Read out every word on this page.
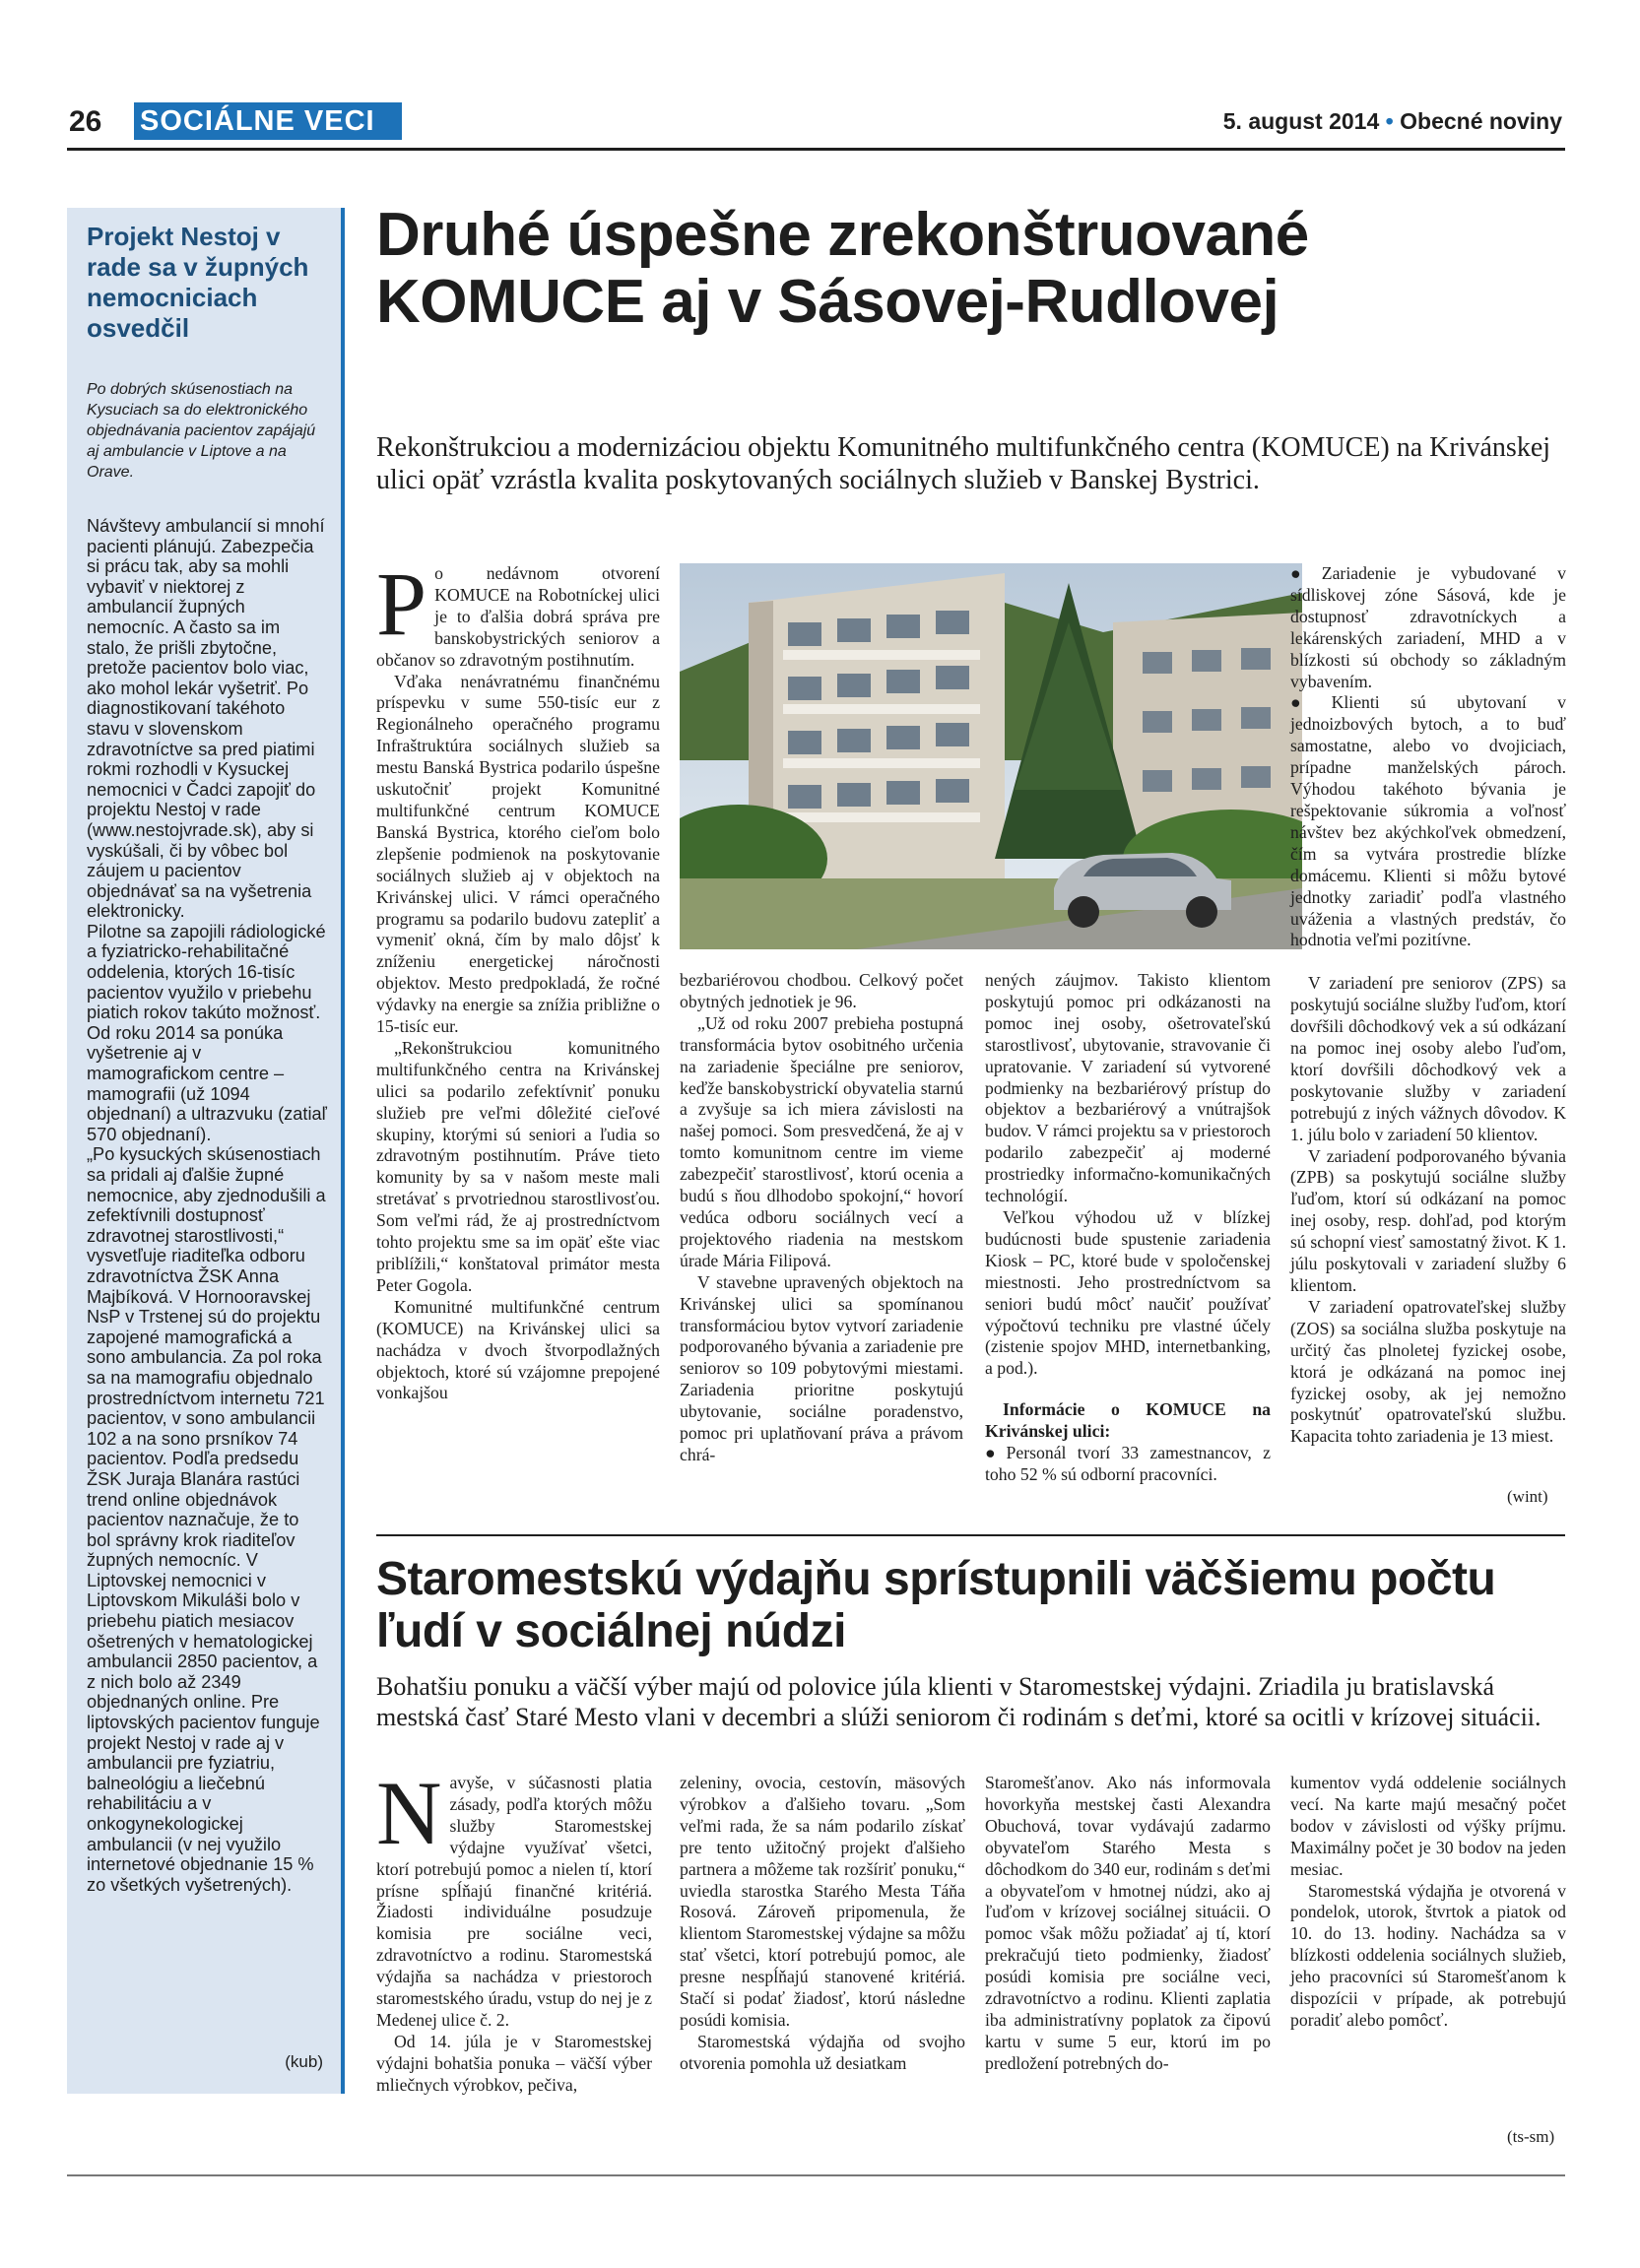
26 SOCIÁLNE VECI	5. august 2014 • Obecné noviny
Projekt Nestoj v rade sa v župných nemocniciach osvedčil

Po dobrých skúsenostiach na Kysuciach sa do elektronického objednávania pacientov zapájajú aj ambulancie v Liptove a na Orave.

Návštevy ambulancií si mnohí pacienti plánujú. Zabezpečia si prácu tak, aby sa mohli vybaviť v niektorej z ambulancií župných nemocníc. A často sa im stalo, že prišli zbytočne, pretože pacientov bolo viac, ako mohol lekár vyšetriť. Po diagnostikovaní takéhoto stavu v slovenskom zdravotníctve sa pred piatimi rokmi rozhodli v Kysuckej nemocnici v Čadci zapojiť do projektu Nestoj v rade (www.nestojvrade.sk), aby si vyskúšali, či by vôbec bol záujem u pacientov objednávať sa na vyšetrenia elektronicky.

Pilotne sa zapojili rádiologické a fyziatricko-rehabilitačné oddelenia, ktorých 16-tisíc pacientov využilo v priebehu piatich rokov takúto možnosť. Od roku 2014 sa ponúka vyšetrenie aj v mamografickom centre –mamografii (už 1094 objednaní) a ultrazvuku (zatiaľ 570 objednaní).

„Po kysuckých skúsenostiach sa pridali aj ďalšie župné nemocnice, aby zjednodušili a zefektívnili dostupnosť zdravotnej starostlivosti,“ vysvetľuje riaditeľka odboru zdravotníctva ŽSK Anna Majbíková. V Hornooravskej NsP v Trstenej sú do projektu zapojené mamografická a sono ambulancia. Za pol roka sa na mamografiu objednalo prostredníctvom internetu 721 pacientov, v sono ambulancii 102 a na sono prsníkov 74 pacientov. Podľa predsedu ŽSK Juraja Blanára rastúci trend online objednávok pacientov naznačuje, že to bol správny krok riaditeľov župných nemocníc. V Liptovskej nemocnici v Liptovskom Mikuláši bolo v priebehu piatich mesiacov ošetrených v hematologickej ambulancii 2850 pacientov, a z nich bolo až 2349 objednaných online. Pre liptovských pacientov funguje projekt Nestoj v rade aj v ambulancii pre fyziatriu, balneológiu a liečebnú rehabilitáciu a v onkogynekologickej ambulancii (v nej využilo internetové objednanie 15 % zo všetkých vyšetrených).

(kub)
Druhé úspešne zrekonštruované KOMUCE aj v Sásovej-Rudlovej

Rekonštrukciou a modernizáciou objektu Komunitného multifunkčného centra (KOMUCE) na Krivánskej ulici opäť vzrástla kvalita poskytovaných sociálnych služieb v Banskej Bystrici.

Po nedávnom otvorení KOMUCE na Robotníckej ulici je to ďalšia dobrá správa pre banskobystrických seniorov a občanov so zdravotným postihnutím.

Vďaka nenávratnému finančnému príspevku v sume 550-tisíc eur z Regionálneho operačného programu Infraštruktúra sociálnych služieb sa mestu Banská Bystrica podarilo úspešne uskutočniť projekt Komunitné multifunkčné centrum KOMUCE Banská Bystrica, ktorého cieľom bolo zlepšenie podmienok na poskytovanie sociálnych služieb aj v objektoch na Krivánskej ulici. V rámci operačného programu sa podarilo budovu zatepliť a vymeniť okná, čím by malo dôjsť k zníženiu energetickej náročnosti objektov. Mesto predpokladá, že ročné výdavky na energie sa znížia približne o 15-tisíc eur.

„Rekonštrukciou komunitného multifunkčného centra na Krivánskej ulici sa podarilo zefektívniť ponuku služieb pre veľmi dôležité cieľové skupiny, ktorými sú seniori a ľudia so zdravotným postihnutím. Práve tieto komunity by sa v našom meste mali stretávať s prvotriednou starostlivosťou. Som veľmi rád, že aj prostredníctvom tohto projektu sme sa im opäť ešte viac priblížili,“ konštatoval primátor mesta Peter Gogola.

Komunitné multifunkčné centrum (KOMUCE) na Krivánskej ulici sa nachádza v dvoch štvorpodlažných objektoch, ktoré sú vzájomne prepojené vonkajšou

bezbariérovou chodbou. Celkový počet obytných jednotiek je 96.

„Už od roku 2007 prebieha postupná transformácia bytov osobitného určenia na zariadenie špeciálne pre seniorov, keďže banskobystrickí obyvatelia starnú a zvyšuje sa ich miera závislosti na našej pomoci. Som presvedčená, že aj v tomto komunitnom centre im vieme zabezpečiť starostlivosť, ktorú ocenia a budú s ňou dlhodobo spokojní,“ hovorí vedúca odboru sociálnych vecí a projektového riadenia na mestskom úrade Mária Filipová.

V stavebne upravených objektoch na Krivánskej ulici sa spomínanou transformáciou bytov vytvorí zariadenie podporovaného bývania a zariadenie pre seniorov so 109 pobytovými miestami. Zariadenia prioritne poskytujú ubytovanie, sociálne poradenstvo, pomoc pri uplatňovaní práva a právom chrá-

nených záujmov. Takisto klientom poskytujú pomoc pri odkázanosti na pomoc inej osoby, ošetrovateľskú starostlivosť, ubytovanie, stravovanie či upratovanie. V zariadení sú vytvorené podmienky na bezbariérový prístup do objektov a bezbariérový a vnútrajšok budov. V rámci projektu sa v priestoroch podarilo zabezpečiť aj moderné prostriedky informačno-komunikačných technológií.

Veľkou výhodou už v blízkej budúcnosti bude spustenie zariadenia Kiosk – PC, ktoré bude v spoločenskej miestnosti. Jeho prostredníctvom sa seniori budú môcť naučiť používať výpočtovú techniku pre vlastné účely (zistenie spojov MHD, internetbanking, a pod.).

Informácie o KOMUCE na Krivánskej ulici:

● Personál tvorí 33 zamestnancov, z toho 52 % sú odborní pracovníci.

● Zariadenie je vybudované v sídliskovej zóne Sásová, kde je dostupnosť zdravotníckych a lekárenských zariadení, MHD a v blízkosti sú obchody so základným vybavením.

● Klienti sú ubytovaní v jednoizbových bytoch, a to buď samostatne, alebo vo dvojiciach, prípadne manželských pároch. Výhodou takéhoto bývania je rešpektovanie súkromia a voľnosť návštev bez akýchkoľvek obmedzení, čím sa vytvára prostredie blízke domácemu. Klienti si môžu bytové jednotky zariadiť podľa vlastného uváženia a vlastných predstáv, čo hodnotia veľmi pozitívne.

V zariadení pre seniorov (ZPS) sa poskytujú sociálne služby ľuďom, ktorí dovŕšili dôchodkový vek a sú odkázaní na pomoc inej osoby alebo ľuďom, ktorí dovŕšili dôchodkový vek a poskytovanie služby v zariadení potrebujú z iných vážnych dôvodov. K 1. júlu bolo v zariadení 50 klientov.

V zariadení podporovaného bývania (ZPB) sa poskytujú sociálne služby ľuďom, ktorí sú odkázaní na pomoc inej osoby, resp. dohľad, pod ktorým sú schopní viesť samostatný život. K 1. júlu poskytovali v zariadení služby 6 klientom.

V zariadení opatrovateľskej služby (ZOS) sa sociálna služba poskytuje na určitý čas plnoletej fyzickej osobe, ktorá je odkázaná na pomoc inej fyzickej osoby, ak jej nemožno poskytnúť opatrovateľskú službu. Kapacita tohto zariadenia je 13 miest.

(wint)
Staromestskú výdajňu sprístupnili väčšiemu počtu ľudí v sociálnej núdzi

Bohatšiu ponuku a väčší výber majú od polovice júla klienti v Staromestskej výdajni. Zriadila ju bratislavská mestská časť Staré Mesto vlani v decembri a slúži seniorom či rodinám s deťmi, ktoré sa ocitli v krízovej situácii.

Navyše, v súčasnosti platia zásady, podľa ktorých môžu služby Staromestskej výdajne využívať všetci, ktorí potrebujú pomoc a nielen tí, ktorí prísne spĺňajú finančné kritériá. Žiadosti individuálne posudzuje komisia pre sociálne veci, zdravotníctvo a rodinu. Staromestská výdajňa sa nachádza v priestoroch staromestského úradu, vstup do nej je z Medenej ulice č. 2.

Od 14. júla je v Staromestskej výdajni bohatšia ponuka – väčší výber mliečnych výrobkov, pečiva,

zeleniny, ovocia, cestovín, mäsových výrobkov a ďalšieho tovaru. „Som veľmi rada, že sa nám podarilo získať pre tento užitočný projekt ďalšieho partnera a môžeme tak rozšíriť ponuku,“ uviedla starostka Starého Mesta Táňa Rosová. Zároveň pripomenula, že klientom Staromestskej výdajne sa môžu stať všetci, ktorí potrebujú pomoc, ale presne nespĺňajú stanovené kritériá. Stačí si podať žiadosť, ktorú následne posúdi komisia.

Staromestská výdajňa od svojho otvorenia pomohla už desiatkam

Staromešťanov. Ako nás informovala hovorkyňa mestskej časti Alexandra Obuchová, tovar vydávajú zadarmo obyvateľom Starého Mesta s dôchodkom do 340 eur, rodinám s deťmi a obyvateľom v hmotnej núdzi, ako aj ľuďom v krízovej sociálnej situácii. O pomoc však môžu požiadať aj tí, ktorí prekračujú tieto podmienky, žiadosť posúdi komisia pre sociálne veci, zdravotníctvo a rodinu. Klienti zaplatia iba administratívny poplatok za čipovú kartu v sume 5 eur, ktorú im po predložení potrebných do-

kumentov vydá oddelenie sociálnych vecí. Na karte majú mesačný počet bodov v závislosti od výšky príjmu. Maximálny počet je 30 bodov na jeden mesiac.

Staromestská výdajňa je otvorená v pondelok, utorok, štvrtok a piatok od 10. do 13. hodiny. Nachádza sa v blízkosti oddelenia sociálnych služieb, jeho pracovníci sú Staromešťanom k dispozícii v prípade, ak potrebujú poradiť alebo pomôcť.

(ts-sm)
